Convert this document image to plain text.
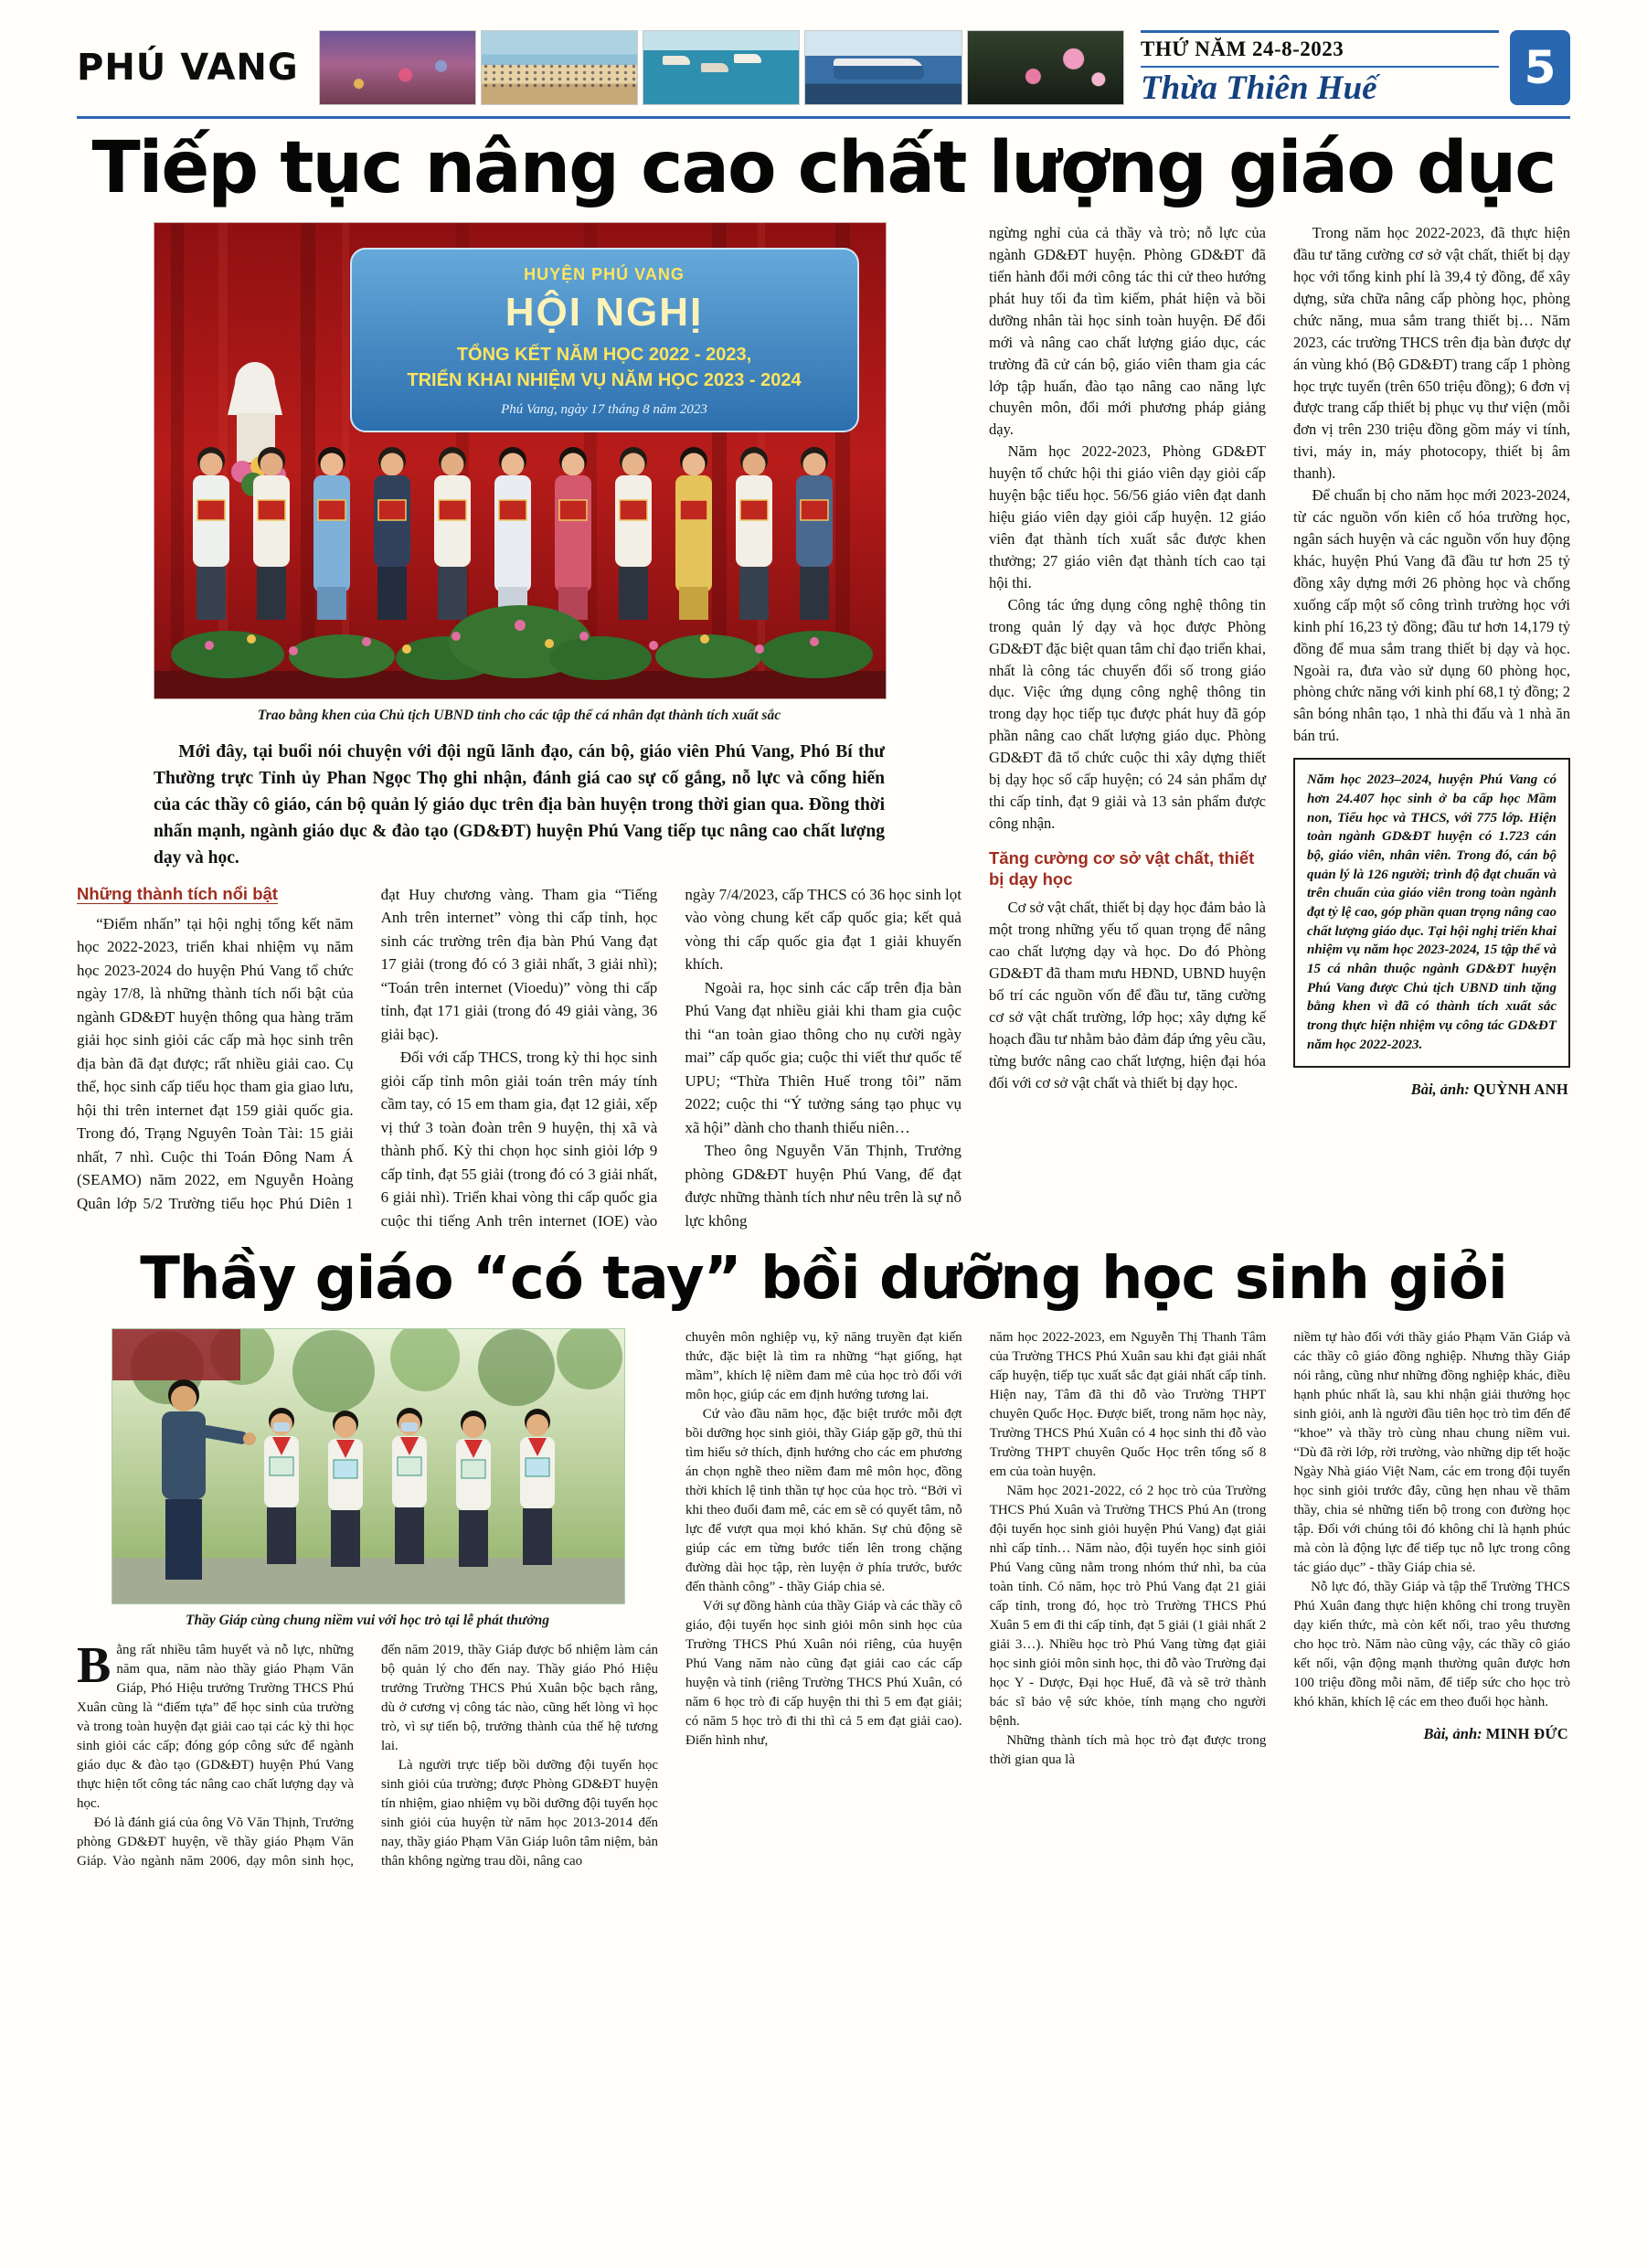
PHÚ VANG	THỨ NĂM 24-8-2023
Thừa Thiên Huế	5
Tiếp tục nâng cao chất lượng giáo dục
HUYỆN PHÚ VANG
HỘI NGHỊ
TỔNG KẾT NĂM HỌC 2022 - 2023,
TRIỂN KHAI NHIỆM VỤ NĂM HỌC 2023 - 2024
Phú Vang, ngày 17 tháng 8 năm 2023
Trao bằng khen của Chủ tịch UBND tỉnh cho các tập thể cá nhân đạt thành tích xuất sắc

Mới đây, tại buổi nói chuyện với đội ngũ lãnh đạo, cán bộ, giáo viên Phú Vang, Phó Bí thư Thường trực Tỉnh ủy Phan Ngọc Thọ ghi nhận, đánh giá cao sự cố gắng, nỗ lực và cống hiến của các thầy cô giáo, cán bộ quản lý giáo dục trên địa bàn huyện trong thời gian qua. Đồng thời nhấn mạnh, ngành giáo dục & đào tạo (GD&ĐT) huyện Phú Vang tiếp tục nâng cao chất lượng dạy và học.

Những thành tích nổi bật

“Điểm nhấn” tại hội nghị tổng kết năm học 2022-2023, triển khai nhiệm vụ năm học 2023-2024 do huyện Phú Vang tổ chức ngày 17/8, là những thành tích nổi bật của ngành GD&ĐT huyện thông qua hàng trăm giải học sinh giỏi các cấp mà học sinh trên địa bàn đã đạt được; rất nhiều giải cao. Cụ thể, học sinh cấp tiểu học tham gia giao lưu, hội thi trên internet đạt 159 giải quốc gia. Trong đó, Trạng Nguyên Toàn Tài: 15 giải nhất, 7 nhì. Cuộc thi Toán Đông Nam Á (SEAMO) năm 2022, em Nguyễn Hoàng Quân lớp 5/2 Trường tiểu học Phú Diên 1 đạt Huy chương vàng. Tham gia “Tiếng Anh trên internet” vòng thi cấp tỉnh, học sinh các trường trên địa bàn Phú Vang đạt 17 giải (trong đó có 3 giải nhất, 3 giải nhì); “Toán trên internet (Vioedu)” vòng thi cấp tỉnh, đạt 171 giải (trong đó 49 giải vàng, 36 giải bạc).

Đối với cấp THCS, trong kỳ thi học sinh giỏi cấp tỉnh môn giải toán trên máy tính cầm tay, có 15 em tham gia, đạt 12 giải, xếp vị thứ 3 toàn đoàn trên 9 huyện, thị xã và thành phố. Kỳ thi chọn học sinh giỏi lớp 9 cấp tỉnh, đạt 55 giải (trong đó có 3 giải nhất, 6 giải nhì). Triển khai vòng thi cấp quốc gia cuộc thi tiếng Anh trên internet (IOE) vào ngày 7/4/2023, cấp THCS có 36 học sinh lọt vào vòng chung kết cấp quốc gia; kết quả vòng thi cấp quốc gia đạt 1 giải khuyến khích.

Ngoài ra, học sinh các cấp trên địa bàn Phú Vang đạt nhiều giải khi tham gia cuộc thi “an toàn giao thông cho nụ cười ngày mai” cấp quốc gia; cuộc thi viết thư quốc tế UPU; “Thừa Thiên Huế trong tôi” năm 2022; cuộc thi “Ý tưởng sáng tạo phục vụ xã hội” dành cho thanh thiếu niên…

Theo ông Nguyễn Văn Thịnh, Trưởng phòng GD&ĐT huyện Phú Vang, để đạt được những thành tích như nêu trên là sự nỗ lực không

ngừng nghỉ của cả thầy và trò; nỗ lực của ngành GD&ĐT huyện. Phòng GD&ĐT đã tiến hành đổi mới công tác thi cử theo hướng phát huy tối đa tìm kiếm, phát hiện và bồi dưỡng nhân tài học sinh toàn huyện. Để đổi mới và nâng cao chất lượng giáo dục, các trường đã cử cán bộ, giáo viên tham gia các lớp tập huấn, đào tạo nâng cao năng lực chuyên môn, đổi mới phương pháp giảng dạy.

Năm học 2022-2023, Phòng GD&ĐT huyện tổ chức hội thi giáo viên dạy giỏi cấp huyện bậc tiểu học. 56/56 giáo viên đạt danh hiệu giáo viên dạy giỏi cấp huyện. 12 giáo viên đạt thành tích xuất sắc được khen thưởng; 27 giáo viên đạt thành tích cao tại hội thi.

Công tác ứng dụng công nghệ thông tin trong quản lý dạy và học được Phòng GD&ĐT đặc biệt quan tâm chỉ đạo triển khai, nhất là công tác chuyển đổi số trong giáo dục. Việc ứng dụng công nghệ thông tin trong dạy học tiếp tục được phát huy đã góp phần nâng cao chất lượng giáo dục. Phòng GD&ĐT đã tổ chức cuộc thi xây dựng thiết bị dạy học số cấp huyện; có 24 sản phẩm dự thi cấp tỉnh, đạt 9 giải và 13 sản phẩm được công nhận.

Tăng cường cơ sở vật chất, thiết bị dạy học

Cơ sở vật chất, thiết bị dạy học đảm bảo là một trong những yếu tố quan trọng để nâng cao chất lượng dạy và học. Do đó Phòng GD&ĐT đã tham mưu HĐND, UBND huyện bố trí các nguồn vốn để đầu tư, tăng cường cơ sở vật chất trường, lớp học; xây dựng kế hoạch đầu tư nhằm bảo đảm đáp ứng yêu cầu, từng bước nâng cao chất lượng, hiện đại hóa đối với cơ sở vật chất và thiết bị dạy học.

Trong năm học 2022-2023, đã thực hiện đầu tư tăng cường cơ sở vật chất, thiết bị dạy học với tổng kinh phí là 39,4 tỷ đồng, để xây dựng, sửa chữa nâng cấp phòng học, phòng chức năng, mua sắm trang thiết bị… Năm 2023, các trường THCS trên địa bàn được dự án vùng khó (Bộ GD&ĐT) trang cấp 1 phòng học trực tuyến (trên 650 triệu đồng); 6 đơn vị được trang cấp thiết bị phục vụ thư viện (mỗi đơn vị trên 230 triệu đồng gồm máy vi tính, tivi, máy in, máy photocopy, thiết bị âm thanh).

Để chuẩn bị cho năm học mới 2023-2024, từ các nguồn vốn kiên cố hóa trường học, ngân sách huyện và các nguồn vốn huy động khác, huyện Phú Vang đã đầu tư hơn 25 tỷ đồng xây dựng mới 26 phòng học và chống xuống cấp một số công trình trường học với kinh phí 16,23 tỷ đồng; đầu tư hơn 14,179 tỷ đồng để mua sắm trang thiết bị dạy và học. Ngoài ra, đưa vào sử dụng 60 phòng học, phòng chức năng với kinh phí 68,1 tỷ đồng; 2 sân bóng nhân tạo, 1 nhà thi đấu và 1 nhà ăn bán trú.

Năm học 2023–2024, huyện Phú Vang có hơn 24.407 học sinh ở ba cấp học Mầm non, Tiểu học và THCS, với 775 lớp. Hiện toàn ngành GD&ĐT huyện có 1.723 cán bộ, giáo viên, nhân viên. Trong đó, cán bộ quản lý là 126 người; trình độ đạt chuẩn và trên chuẩn của giáo viên trong toàn ngành đạt tỷ lệ cao, góp phần quan trọng nâng cao chất lượng giáo dục. Tại hội nghị triển khai nhiệm vụ năm học 2023-2024, 15 tập thể và 15 cá nhân thuộc ngành GD&ĐT huyện Phú Vang được Chủ tịch UBND tỉnh tặng bằng khen vì đã có thành tích xuất sắc trong thực hiện nhiệm vụ công tác GD&ĐT năm học 2022-2023.

Bài, ảnh: QUỲNH ANH

Thầy giáo “có tay” bồi dưỡng học sinh giỏi
Thầy Giáp cùng chung niềm vui với học trò tại lễ phát thưởng

Bằng rất nhiều tâm huyết và nỗ lực, những năm qua, năm nào thầy giáo Phạm Văn Giáp, Phó Hiệu trưởng Trường THCS Phú Xuân cũng là “điểm tựa” để học sinh của trường và trong toàn huyện đạt giải cao tại các kỳ thi học sinh giỏi các cấp; đóng góp công sức để ngành giáo dục & đào tạo (GD&ĐT) huyện Phú Vang thực hiện tốt công tác nâng cao chất lượng dạy và học.

Đó là đánh giá của ông Võ Văn Thịnh, Trưởng phòng GD&ĐT huyện, về thầy giáo Phạm Văn Giáp. Vào ngành năm 2006, dạy môn sinh học, đến năm 2019, thầy Giáp được bổ nhiệm làm cán bộ quản lý cho đến nay. Thầy giáo Phó Hiệu trưởng Trường THCS Phú Xuân bộc bạch rằng, dù ở cương vị công tác nào, cũng hết lòng vì học trò, vì sự tiến bộ, trưởng thành của thế hệ tương lai.

Là người trực tiếp bồi dưỡng đội tuyển học sinh giỏi của trường; được Phòng GD&ĐT huyện tín nhiệm, giao nhiệm vụ bồi dưỡng đội tuyển học sinh giỏi của huyện từ năm học 2013-2014 đến nay, thầy giáo Phạm Văn Giáp luôn tâm niệm, bản thân không ngừng trau dồi, nâng cao

chuyên môn nghiệp vụ, kỹ năng truyền đạt kiến thức, đặc biệt là tìm ra những “hạt giống, hạt mầm”, khích lệ niềm đam mê của học trò đối với môn học, giúp các em định hướng tương lai.

Cứ vào đầu năm học, đặc biệt trước mỗi đợt bồi dưỡng học sinh giỏi, thầy Giáp gặp gỡ, thủ thỉ tìm hiểu sở thích, định hướng cho các em phương án chọn nghề theo niềm đam mê môn học, đồng thời khích lệ tinh thần tự học của học trò. “Bởi vì khi theo đuổi đam mê, các em sẽ có quyết tâm, nỗ lực để vượt qua mọi khó khăn. Sự chủ động sẽ giúp các em từng bước tiến lên trong chặng đường dài học tập, rèn luyện ở phía trước, bước đến thành công” - thầy Giáp chia sẻ.

Với sự đồng hành của thầy Giáp và các thầy cô giáo, đội tuyển học sinh giỏi môn sinh học của Trường THCS Phú Xuân nói riêng, của huyện Phú Vang năm nào cũng đạt giải cao các cấp huyện và tỉnh (riêng Trường THCS Phú Xuân, có năm 6 học trò đi cấp huyện thi thì 5 em đạt giải; có năm 5 học trò đi thi thì cả 5 em đạt giải cao). Điển hình như,

năm học 2022-2023, em Nguyễn Thị Thanh Tâm của Trường THCS Phú Xuân sau khi đạt giải nhất cấp huyện, tiếp tục xuất sắc đạt giải nhất cấp tỉnh. Hiện nay, Tâm đã thi đỗ vào Trường THPT chuyên Quốc Học. Được biết, trong năm học này, Trường THCS Phú Xuân có 4 học sinh thi đỗ vào Trường THPT chuyên Quốc Học trên tổng số 8 em của toàn huyện.

Năm học 2021-2022, có 2 học trò của Trường THCS Phú Xuân và Trường THCS Phú An (trong đội tuyển học sinh giỏi huyện Phú Vang) đạt giải nhì cấp tỉnh… Năm nào, đội tuyển học sinh giỏi Phú Vang cũng nằm trong nhóm thứ nhì, ba của toàn tỉnh. Có năm, học trò Phú Vang đạt 21 giải cấp tỉnh, trong đó, học trò Trường THCS Phú Xuân 5 em đi thi cấp tỉnh, đạt 5 giải (1 giải nhất 2 giải 3…). Nhiều học trò Phú Vang từng đạt giải học sinh giỏi môn sinh học, thi đỗ vào Trường đại học Y - Dược, Đại học Huế, đã và sẽ trở thành bác sĩ bảo vệ sức khỏe, tính mạng cho người bệnh.

Những thành tích mà học trò đạt được trong thời gian qua là

niềm tự hào đối với thầy giáo Phạm Văn Giáp và các thầy cô giáo đồng nghiệp. Nhưng thầy Giáp nói rằng, cũng như những đồng nghiệp khác, điều hạnh phúc nhất là, sau khi nhận giải thưởng học sinh giỏi, anh là người đầu tiên học trò tìm đến để “khoe” và thầy trò cùng nhau chung niềm vui. “Dù đã rời lớp, rời trường, vào những dịp tết hoặc Ngày Nhà giáo Việt Nam, các em trong đội tuyển học sinh giỏi trước đây, cũng hẹn nhau về thăm thầy, chia sẻ những tiến bộ trong con đường học tập. Đối với chúng tôi đó không chỉ là hạnh phúc mà còn là động lực để tiếp tục nỗ lực trong công tác giáo dục” - thầy Giáp chia sẻ.

Nỗ lực đó, thầy Giáp và tập thể Trường THCS Phú Xuân đang thực hiện không chỉ trong truyền dạy kiến thức, mà còn kết nối, trao yêu thương cho học trò. Năm nào cũng vậy, các thầy cô giáo kết nối, vận động mạnh thường quân được hơn 100 triệu đồng mỗi năm, để tiếp sức cho học trò khó khăn, khích lệ các em theo đuổi học hành.

Bài, ảnh: MINH ĐỨC
